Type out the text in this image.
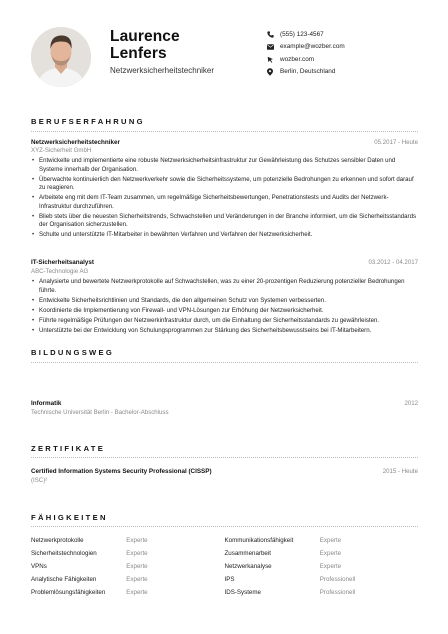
Laurence
Lenfers
Netzwerksicherheitstechniker
(555) 123-4567
example@wozber.com
wozber.com
Berlin, Deutschland
BERUFSERFAHRUNG
Netzwerksicherheitstechniker	05.2017 - Heute
XYZ-Sicherheit GmbH
• Entwickelte und implementierte eine robuste Netzwerksicherheitsinfrastruktur zur Gewährleistung des Schutzes sensibler Daten und Systeme innerhalb der Organisation.
• Überwachte kontinuierlich den Netzwerkverkehr sowie die Sicherheitssysteme, um potenzielle Bedrohungen zu erkennen und sofort darauf zu reagieren.
• Arbeitete eng mit dem IT-Team zusammen, um regelmäßige Sicherheitsbewertungen, Penetrationstests und Audits der Netzwerk-Infrastruktur durchzuführen.
• Blieb stets über die neuesten Sicherheitstrends, Schwachstellen und Veränderungen in der Branche informiert, um die Sicherheitsstandards der Organisation sicherzustellen.
• Schulte und unterstützte IT-Mitarbeiter in bewährten Verfahren und Verfahren der Netzwerksicherheit.
IT-Sicherheitsanalyst	03.2012 - 04.2017
ABC-Technologie AG
• Analysierte und bewertete Netzwerkprotokolle auf Schwachstellen, was zu einer 20-prozentigen Reduzierung potenzieller Bedrohungen führte.
• Entwickelte Sicherheitsrichtlinien und Standards, die den allgemeinen Schutz von Systemen verbesserten.
• Koordinierte die Implementierung von Firewall- und VPN-Lösungen zur Erhöhung der Netzwerksicherheit.
• Führte regelmäßige Prüfungen der Netzwerkinfrastruktur durch, um die Einhaltung der Sicherheitsstandards zu gewährleisten.
• Unterstützte bei der Entwicklung von Schulungsprogrammen zur Stärkung des Sicherheitsbewusstseins bei IT-Mitarbeitern.
BILDUNGSWEG
Informatik	2012
Technische Universität Berlin - Bachelor-Abschluss
ZERTIFIKATE
Certified Information Systems Security Professional (CISSP)	2015 - Heute
(ISC)²
FÄHIGKEITEN
Netzwerkprotokolle	Experte	Kommunikationsfähigkeit	Experte
Sicherheitstechnologien	Experte	Zusammenarbeit	Experte
VPNs	Experte	Netzwerkanalyse	Experte
Analytische Fähigkeiten	Experte	IPS	Professionell
Problemlösungsfähigkeiten	Experte	IDS-Systeme	Professionell
